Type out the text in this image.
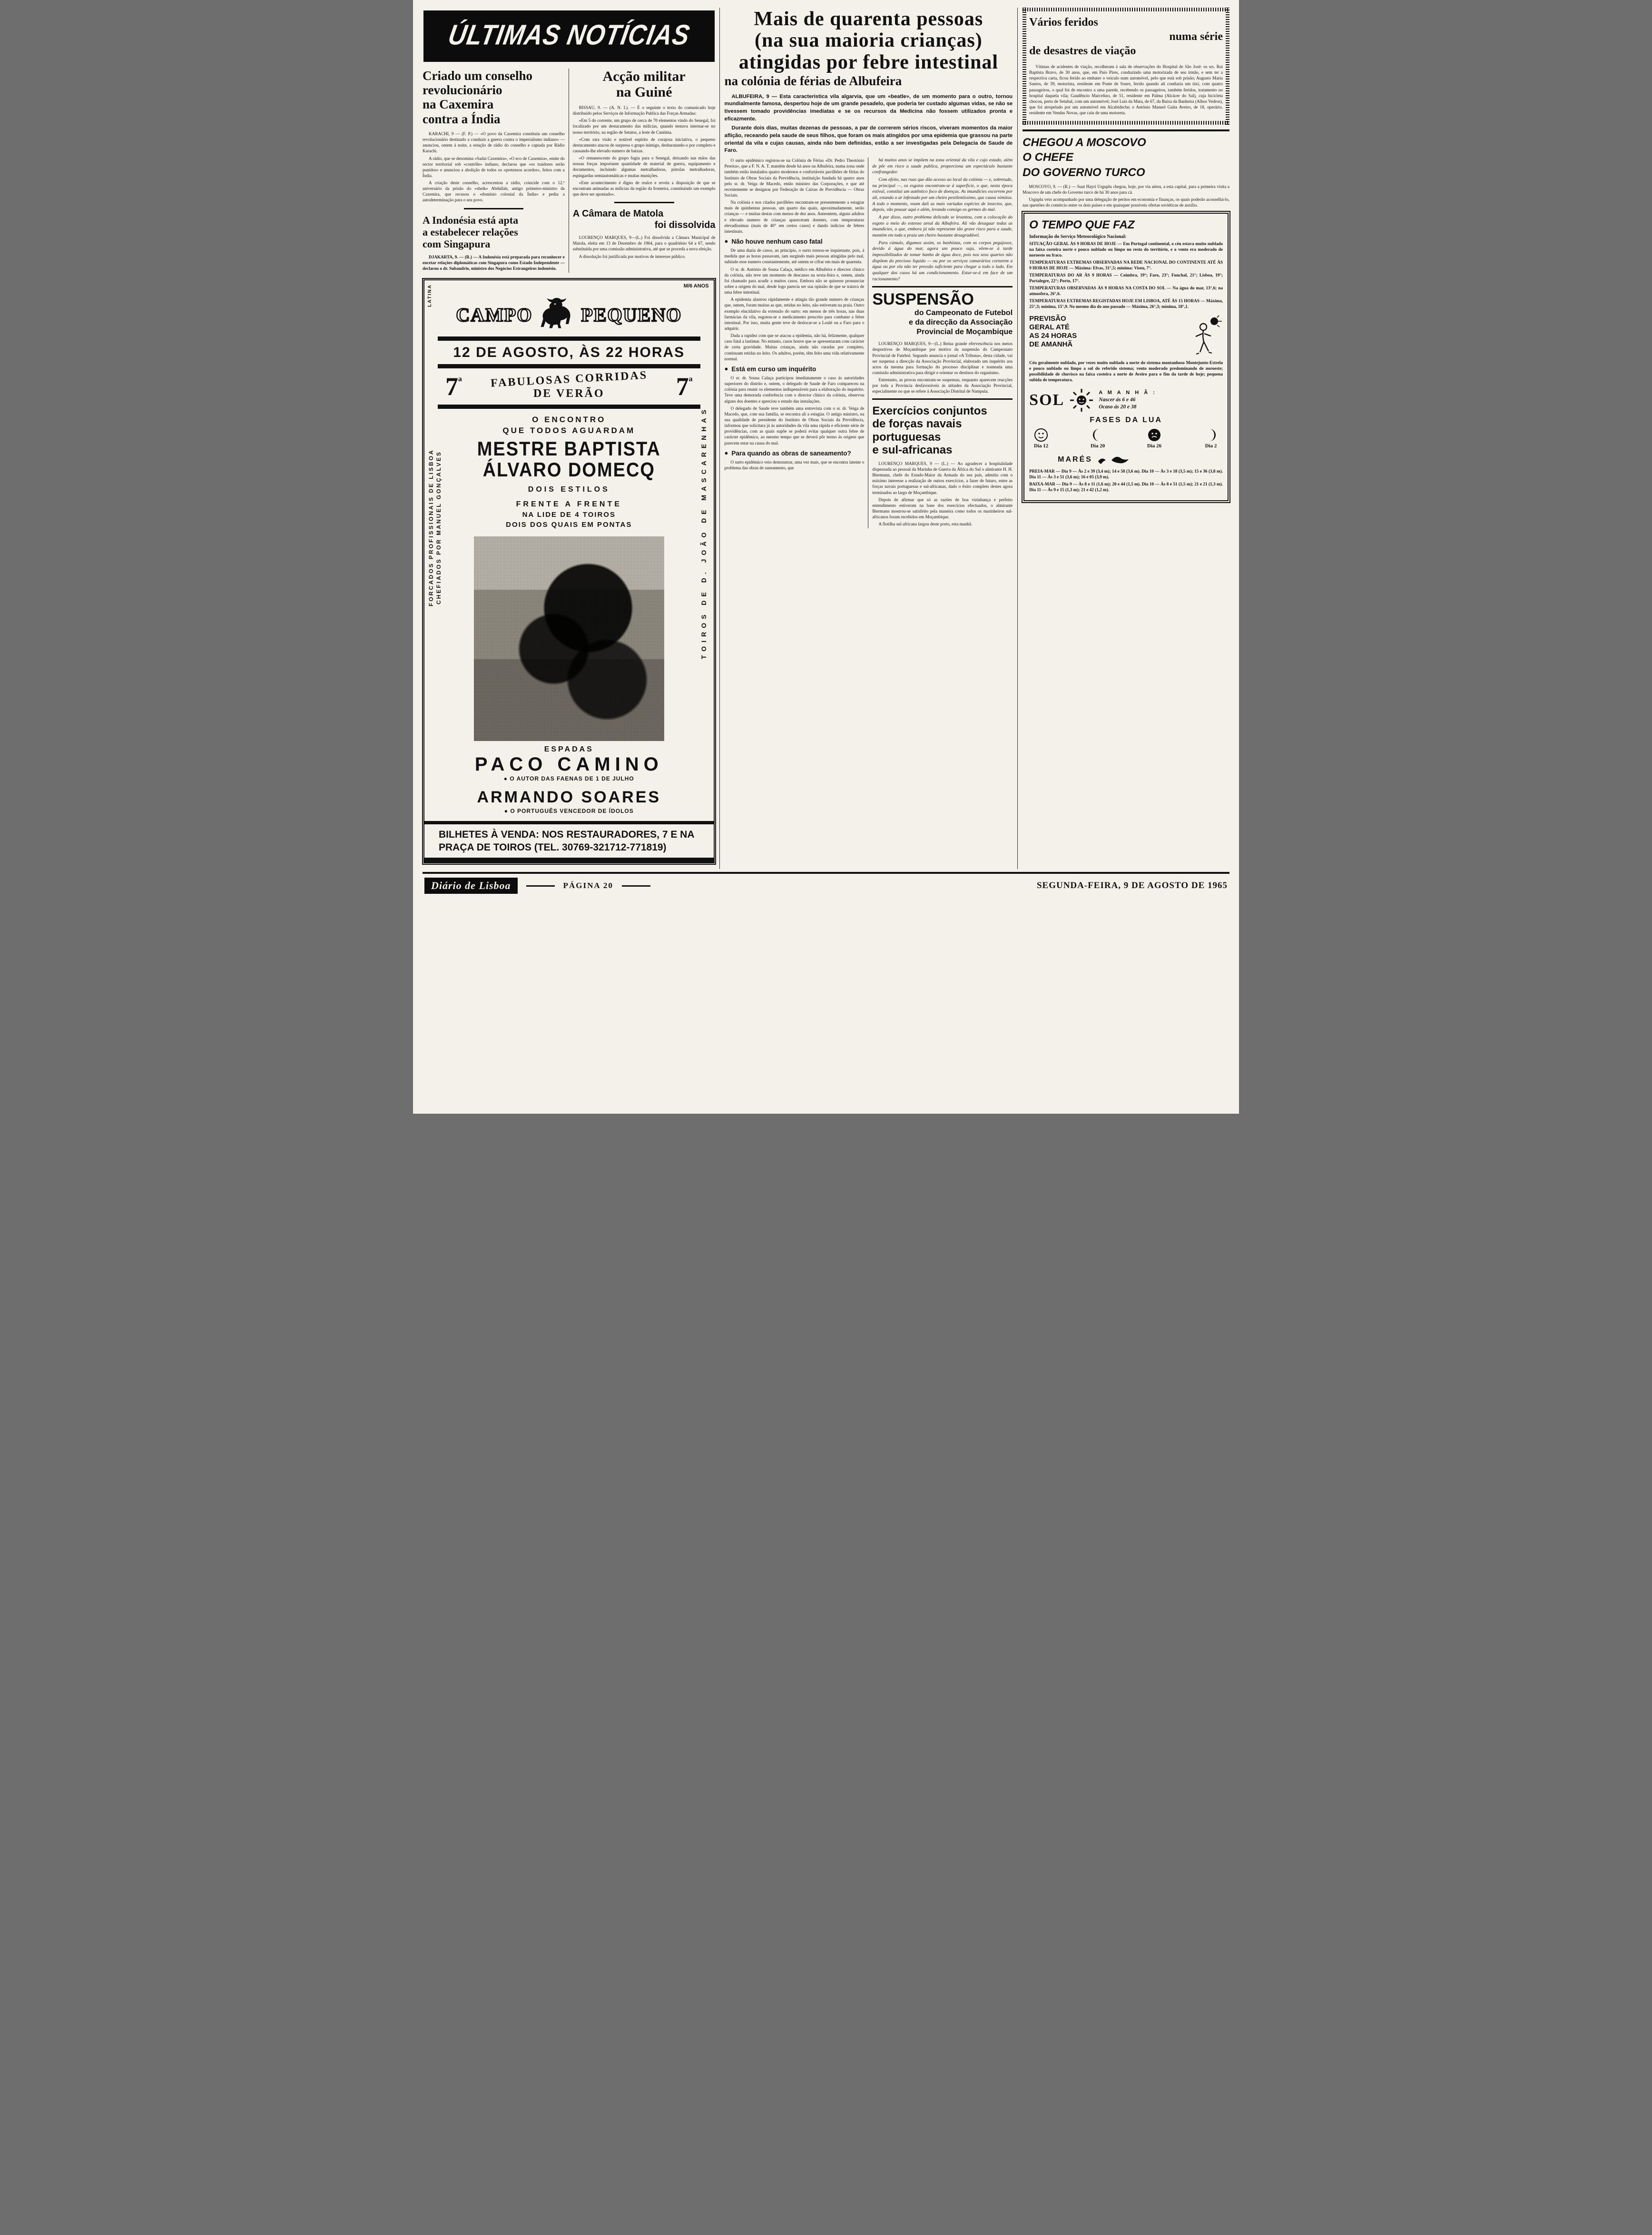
ÚLTIMAS NOTÍCIAS
Criado um conselho
revolucionário
na Caxemira
contra a Índia

KARACHI, 9 — (F. P.) — «O povo da Caxemira constituiu um conselho revolucionário destinado a conduzir a guerra contra o imperialismo indiano» — anunciou, ontem á noite, a estação de rádio do conselho e captada por Rádio Karachi.

A rádio, que se denomina «Sadai Caxemira», «O eco de Caxemira», emite do sector territorial sob «contrôle» indiano, declarou que «os traidores serão punidos» e anunciou a abolição de todos os «pretensos acordos», feitos com a Índia.

A criação deste conselho, acrescentou a rádio, coincide com o 12.º aniversário da prisão do «sheik» Abdullah, antigo primeiro-ministro da Caxemira, que recusou o «domínio colonial da Índia» e pediu a autodeterminação para o seu povo.

A Indonésia está apta
a estabelecer relações
com Singapura

DJAKARTA, 9. — (R.) — A Indonésia está preparada para reconhecer e encetar relações diplomáticas com Singapura como Estado Independente — declarou o dr. Subandrio, ministro dos Negócios Estrangeiros indonésio.

Acção militar
na Guiné

BISSAU, 9. — (A. N. I.). — É o seguinte o texto do comunicado hoje distribuído pelos Serviços de Informação Publica das Forças Armadas:

«Em 5 do corrente, um grupo de cerca de 70 elementos vindo do Senegal, foi localizado por um destacamento das milícias, quando tentava internar-se no nosso território, na região de Setatos, a leste de Cuntima.

«Com rara visão e notável espírito de corajosa iniciativa, o pequeno destacamento atacou de surpresa o grupo inimigo, desbaratando-o por completo e causando-lhe elevado numero de baixas.

«O remanescente do grupo fugiu para o Senegal, deixando nas mãos das nossas forças importante quantidade de material de guerra, equipamento e documentos, incluindo algumas metralhadoras, pistolas metralhadoras, espingardas semiautomáticas e muitas munições.

«Este acontecimento é digno de realce e revela a disposição de que se encontram animadas as milícias da região da fronteira, constituindo um exemplo que deve ser apontado».

A Câmara de Matola
foi dissolvida

LOURENÇO MARQUES, 9—(L.) Foi dissolvida a Câmara Municipal de Matola, eleita em 13 de Dezembro de 1964, para o quadriénio 64 a 67, sendo substituída por uma comissão administrativa, até que se proceda a nova eleição.

A dissolução foi justificada por motivos de interesse público.

LATINA	M/6 ANOS
FORCADOS PROFISSIONAIS DE LISBOA CHEFIADOS POR MANUEL GONÇALVES	TOIROS DE D. JOÃO DE MASCARENHAS
CAMPO	PEQUENO
12 DE AGOSTO, ÀS 22 HORAS
$7^ª$ FABULOSAS CORRIDAS
DE VERÃO	$7^ª$
O ENCONTRO
QUE TODOS AGUARDAM
MESTRE BAPTISTA
ÁLVARO DOMECQ
DOIS ESTILOS
FRENTE A FRENTE
NA LIDE DE 4 TOIROS
DOIS DOS QUAIS EM PONTAS
ESPADAS
PACO CAMINO
● O AUTOR DAS FAENAS DE 1 DE JULHO
ARMANDO SOARES
● O PORTUGUÊS VENCEDOR DE ÍDOLOS
BILHETES À VENDA: NOS RESTAURADORES, 7 E NA
PRAÇA DE TOIROS (TEL. 30769-321712-771819)
Mais de quarenta pessoas
(na sua maioria crianças)
atingidas por febre intestinal
na colónia de férias de Albufeira

ALBUFEIRA, 9 — Esta caracteristica vila algarvia, que um «beatle», de um momento para o outro, tornou mundialmente famosa, despertou hoje de um grande pesadelo, que poderia ter custado algumas vidas, se não se tivessem tomado providências imediatas e se os recursos da Medicina não fossem utilizados pronta e eficazmente.

Durante dois dias, muitas dezenas de pessoas, a par de correrem sérios riscos, viveram momentos da maior aflição, receando pela saude de seus filhos, que foram os mais atingidos por uma epidemia que grassou na parte oriental da vila e cujas causas, ainda não bem definidas, estão a ser investigadas pela Delegacia de Saude de Faro.

O surto epidémico registou-se na Colónia de Férias «Dr. Pedro Theotónio Pereira», que a F. N. A. T. mantém desde há anos na Albufeira, numa zona onde também estão instalados quatro modernos e confortáveis pavilhões de férias do Instituto de Obras Sociais da Previdência, instituição fundada há quatro anos pelo sr. dr. Veiga de Macedo, então ministro das Corporações, e que até recentemente se designou por Federação de Caixas de Previdência — Obras Sociais.

Na colónia e nos citados pavilhões encontram-se presentemente a estagiar mais de quinhentas pessoas, um quarto das quais, aproximadamente, serão crianças — e muitas destas com menos de dez anos. Anteontem, alguns adultos e elevado numero de crianças apareceram doentes, com temperaturas elevadissimas (mais de 40° em certos casos) e dando indicios de febres intestinais.

● Não houve nenhum caso fatal

De uma duzia de casos, ao princípio, o surto tornou-se inquietante, pois, á medida que as horas passavam, iam surgindo mais pessoas atingidas pelo mal, subindo esse numero constantemente, até ontem se cifrar em mais de quarenta.

O sr. dr. António de Sousa Calaça, médico em Albufeira e director clínico da colónia, não teve um momento de descanso na sexta-feira e, ontem, ainda foi chamado para acudir a muitos casos. Embora não se quisesse pronunciar sobre a origem do mal, desde logo parecia ser sua opinião de que se tratava de uma febre intestinal.

A epidemia alastrou rápidamente e atingiu tão grande numero de crianças que, ontem, foram muitas as que, retidas no leito, não estiveram na praia. Outro exemplo elucidativo da extensão do surto: em menos de três horas, nas duas farmácias da vila, esgotou-se o medicamento prescrito para combater a febre intestinal. Por isso, muita gente teve de deslocar-se a Loulé ou a Faro para o adquirir.

Dada a rapidez com que se atacou a epidemia, não há, felizmente, qualquer caso fatal a lastimar. No entanto, casos houve que se apresentaram com carácter de certa gravidade. Muitas crianças, ainda não curadas por completo, continuam retidas no leito. Os adultos, porém, têm feito uma vida relativamente normal.

● Está em curso um inquérito

O sr. dr. Sousa Calaça participou imediatamente o caso ás autoridades superiores do distrito e, ontem, o delegado de Saude de Faro compareceu na colónia para reunir os elementos indispensáveis para a elaboração do inquérito. Teve uma demorada conferência com o director clínico da colónia, observou alguns dos doentes e apreciou o estado das instalações.

O delegado de Saude teve também uma entrevista com o sr. dr. Veiga de Macedo, que, com sua família, se encontra ali a estagiar. O antigo ministro, na sua qualidade de presidente do Instituto de Obras Sociais da Previdência, informou que solicitara já ás autoridades da vila uma rápida e eficiente série de providências, com as quais supõe se poderá evitar qualquer outra febre de carácter epidémico, ao mesmo tempo que se deverá pôr termo ás origens que parecem estar na causa do mal.

● Para quando as obras de saneamento?

O surto epidémico veio demonstrar, uma vez mais, que se encontra latente o problema das obras de saneamento, que

há muitos anos se impõem na zona oriental da vila e cujo estado, além de pôr em risco a saude publica, proporciona um espectáculo bastante confrangedor.

Com efeito, nas ruas que dão acesso ao local da colónia — e, sobretudo, na principal —, os esgotos encontram-se á superficie, o que, nesta época estival, constitui um autêntico foco de doenças. As imundícies escorrem por ali, estando o ar infestado por um cheiro pestilentíssimo, que causa vómitos. A todo o momento, voam dali as mais variadas espécies de insectos, que, depois, vão pousar aqui e além, levando consigo os germes do mal.

A par disso, outro problema delicado se levantou, com a colocação do esgoto a meio do extenso areal da Albufeira. Ali vão desaguar todas as imundícies, o que, embora já não represente tão grave risco para a saude, mantém em toda a praia um cheiro bastante desagradável.

Para cúmulo, digamos assim, os banhistas, com os corpos pegajosos, devido á água do mar, agora um pouco suja, vêem-se á tarde impossibilitados de tomar banho de água doce, pois nos seus quartos não dispõem do precioso liquido — ou por os serviços camarários cortarem a água ou por ela não ter pressão suficiente para chegar a todo o lado. Em qualquer dos casos há um condicionamento. Estar-se-á em face de um racionamento?

SUSPENSÃO
do Campeonato de Futebol
e da direcção da Associação
Provincial de Moçambique

LOURENÇO MARQUES, 9—(L.) Reina grande efervescência nos meios desportivos de Moçambique por motivo da suspensão do Campeonato Provincial de Futebol. Segundo anuncia o jornal «A Tribuna», desta cidade, vai ser suspensa a direcção da Associação Provincial, elaborado um inquérito aos actos da mesma para formação do processo disciplinar e nomeada uma comissão administrativa para dirigir e orientar os destinos do organismo.

Entretanto, as provas encontram-se suspensas, enquanto aparecem reacções por toda a Provincia desfavoráveis ás atitudes da Associação Provincial, especialmente no que se refere á Associação Distrital de Nampula.

Exercícios conjuntos
de forças navais
portuguesas
e sul-africanas

LOURENÇO MARQUES, 9 — (L.) — Ao agradecer a hospitalidade dispensada ao pessoal da Marinha de Guerra da África do Sul o almirante H. H. Biermann, chefe do Estado-Maior da Armada do seu país, admitiu com o máximo interesse a realização de outros exercícios, a fazer de futuro, entre as forças navais portuguesas e sul-africanas, dado o êxito completo destes agora terminados ao largo de Moçambique.

Depois de afirmar que só as razões de boa vizinhança e perfeito entendimento estiveram na base dos exercícios efectuados, o almirante Biermann mostrou-se satisfeito pela maneira como todos os marinheiros sul-africanos foram recebidos em Moçambique.

A flotilha sul-africana largou deste porto, esta manhã.

Vários feridos
numa série
de desastres de viação

Vítimas de acidentes de viação, recolheram á sala de observações do Hospital de São José: os srs. Rui Baptista Bravo, de 30 anos, que, em Paio Pires, conduzindo uma motorizada de seu irmão, e sem ter a respectiva carta, ficou ferido ao embater o veículo num automóvel, pelo que está sob prisão; Augusto Maria Santos, de 39, motorista, residente em Ponte de Soure, ferido quando ali conduzia um táxi, com quatro passageiros, o qual foi de encontro a uma parede, recebendo os passageiros, também feridos, tratamento no hospital daquela vila; Gaudêncio Marcelino, de 51, residente em Palma (Alcácer do Sal), cuja bicicleta chocou, perto de Setubal, com um automóvel; José Luís da Mata, de 67, da Baixa da Banheira (Alhos Vedros), que foi atropelado por um automóvel em Alcabideche; e António Manuel Guita Aveiro, de 18, operário, residente em Vendas Novas, que caiu de uma motoreta.

CHEGOU A MOSCOVO
O CHEFE
DO GOVERNO TURCO

MOSCOVO, 9. — (R.) — Suat Hayri Urguplu chegou, hoje, por via aérea, a esta capital, para a primeira visita a Moscovo de um chefe do Governo turco de há 30 anos para cá.

Urguplu veio acompanhado por uma delegação de peritos em economia e finanças, os quais poderão aconselhá-lo, nas questões do comércio entre os dois países e em quaisquer possíveis ofertas soviéticas de auxílio.

O TEMPO QUE FAZ

Informação do Serviço Meteorológico Nacional:

SITUAÇÃO GERAL ÀS 9 HORAS DE HOJE — Em Portugal continental, o céu estava muito nublado na faixa costeira norte e pouco nublado ou limpo no resto do território, e o vento era moderado de noroeste ou fraco.

TEMPERATURAS EXTREMAS OBSERVADAS NA REDE NACIONAL DO CONTINENTE ATÉ ÀS 9 HORAS DE HOJE — Máxima: Elvas, 31°,5; mínima: Viseu, 7°.

TEMPERATURAS DO AR ÀS 9 HORAS — Coimbra, 19°; Faro, 23°; Funchal, 21°; Lisboa, 19°; Portalegre, 22°; Porto, 17°.

TEMPERATURAS OBSERVADAS ÀS 9 HORAS NA COSTA DO SOL — Na água do mar, 13°,6; na atmosfera, 26°,6.

TEMPERATURAS EXTREMAS REGISTADAS HOJE EM LISBOA, ATÉ ÀS 15 HORAS — Máxima, 25°,3; mínima, 15°,9. No mesmo dia do ano passado — Máxima, 26°,3; mínima, 18°,1.

PREVISÃO
GERAL ATÉ
AS 24 HORAS
DE AMANHÃ

Céu geralmente nublado, por vezes muito nublado a norte do sistema montanhoso Montejunto-Estrela e pouco nublado ou limpo a sul do referido sistema; vento moderado predominando de noroeste; possibilidade de chuvisco na faixa costeira a norte de Aveiro para o fim da tarde de hoje; pequena subida de temperatura.

SOL	A M A N H Ã :
Nascer ás 6 e 46
Ocaso ás 20 e 38
FASES DA LUA
Dia 12	Dia 20	Dia 26	Dia 2
MARÉS

PREIA-MAR — Dia 9 — Às 2 e 39 (3,4 m); 14 e 58 (3,6 m). Dia 10 — Às 3 e 18 (3,5 m); 15 e 36 (3,8 m). Dia 11 — Às 3 e 51 (3,6 m); 16 e 05 (3,9 m).

BAIXA-MAR — Dia 9 — Às 8 e 11 (1,6 m); 20 e 44 (1,5 m). Dia 10 — Às 8 e 51 (1,5 m); 21 e 21 (1,3 m). Dia 11 — Às 9 e 15 (1,3 m); 21 e 42 (1,2 m).

Diário de Lisboa	PÁGINA 20	SEGUNDA-FEIRA, 9 DE AGOSTO DE 1965
